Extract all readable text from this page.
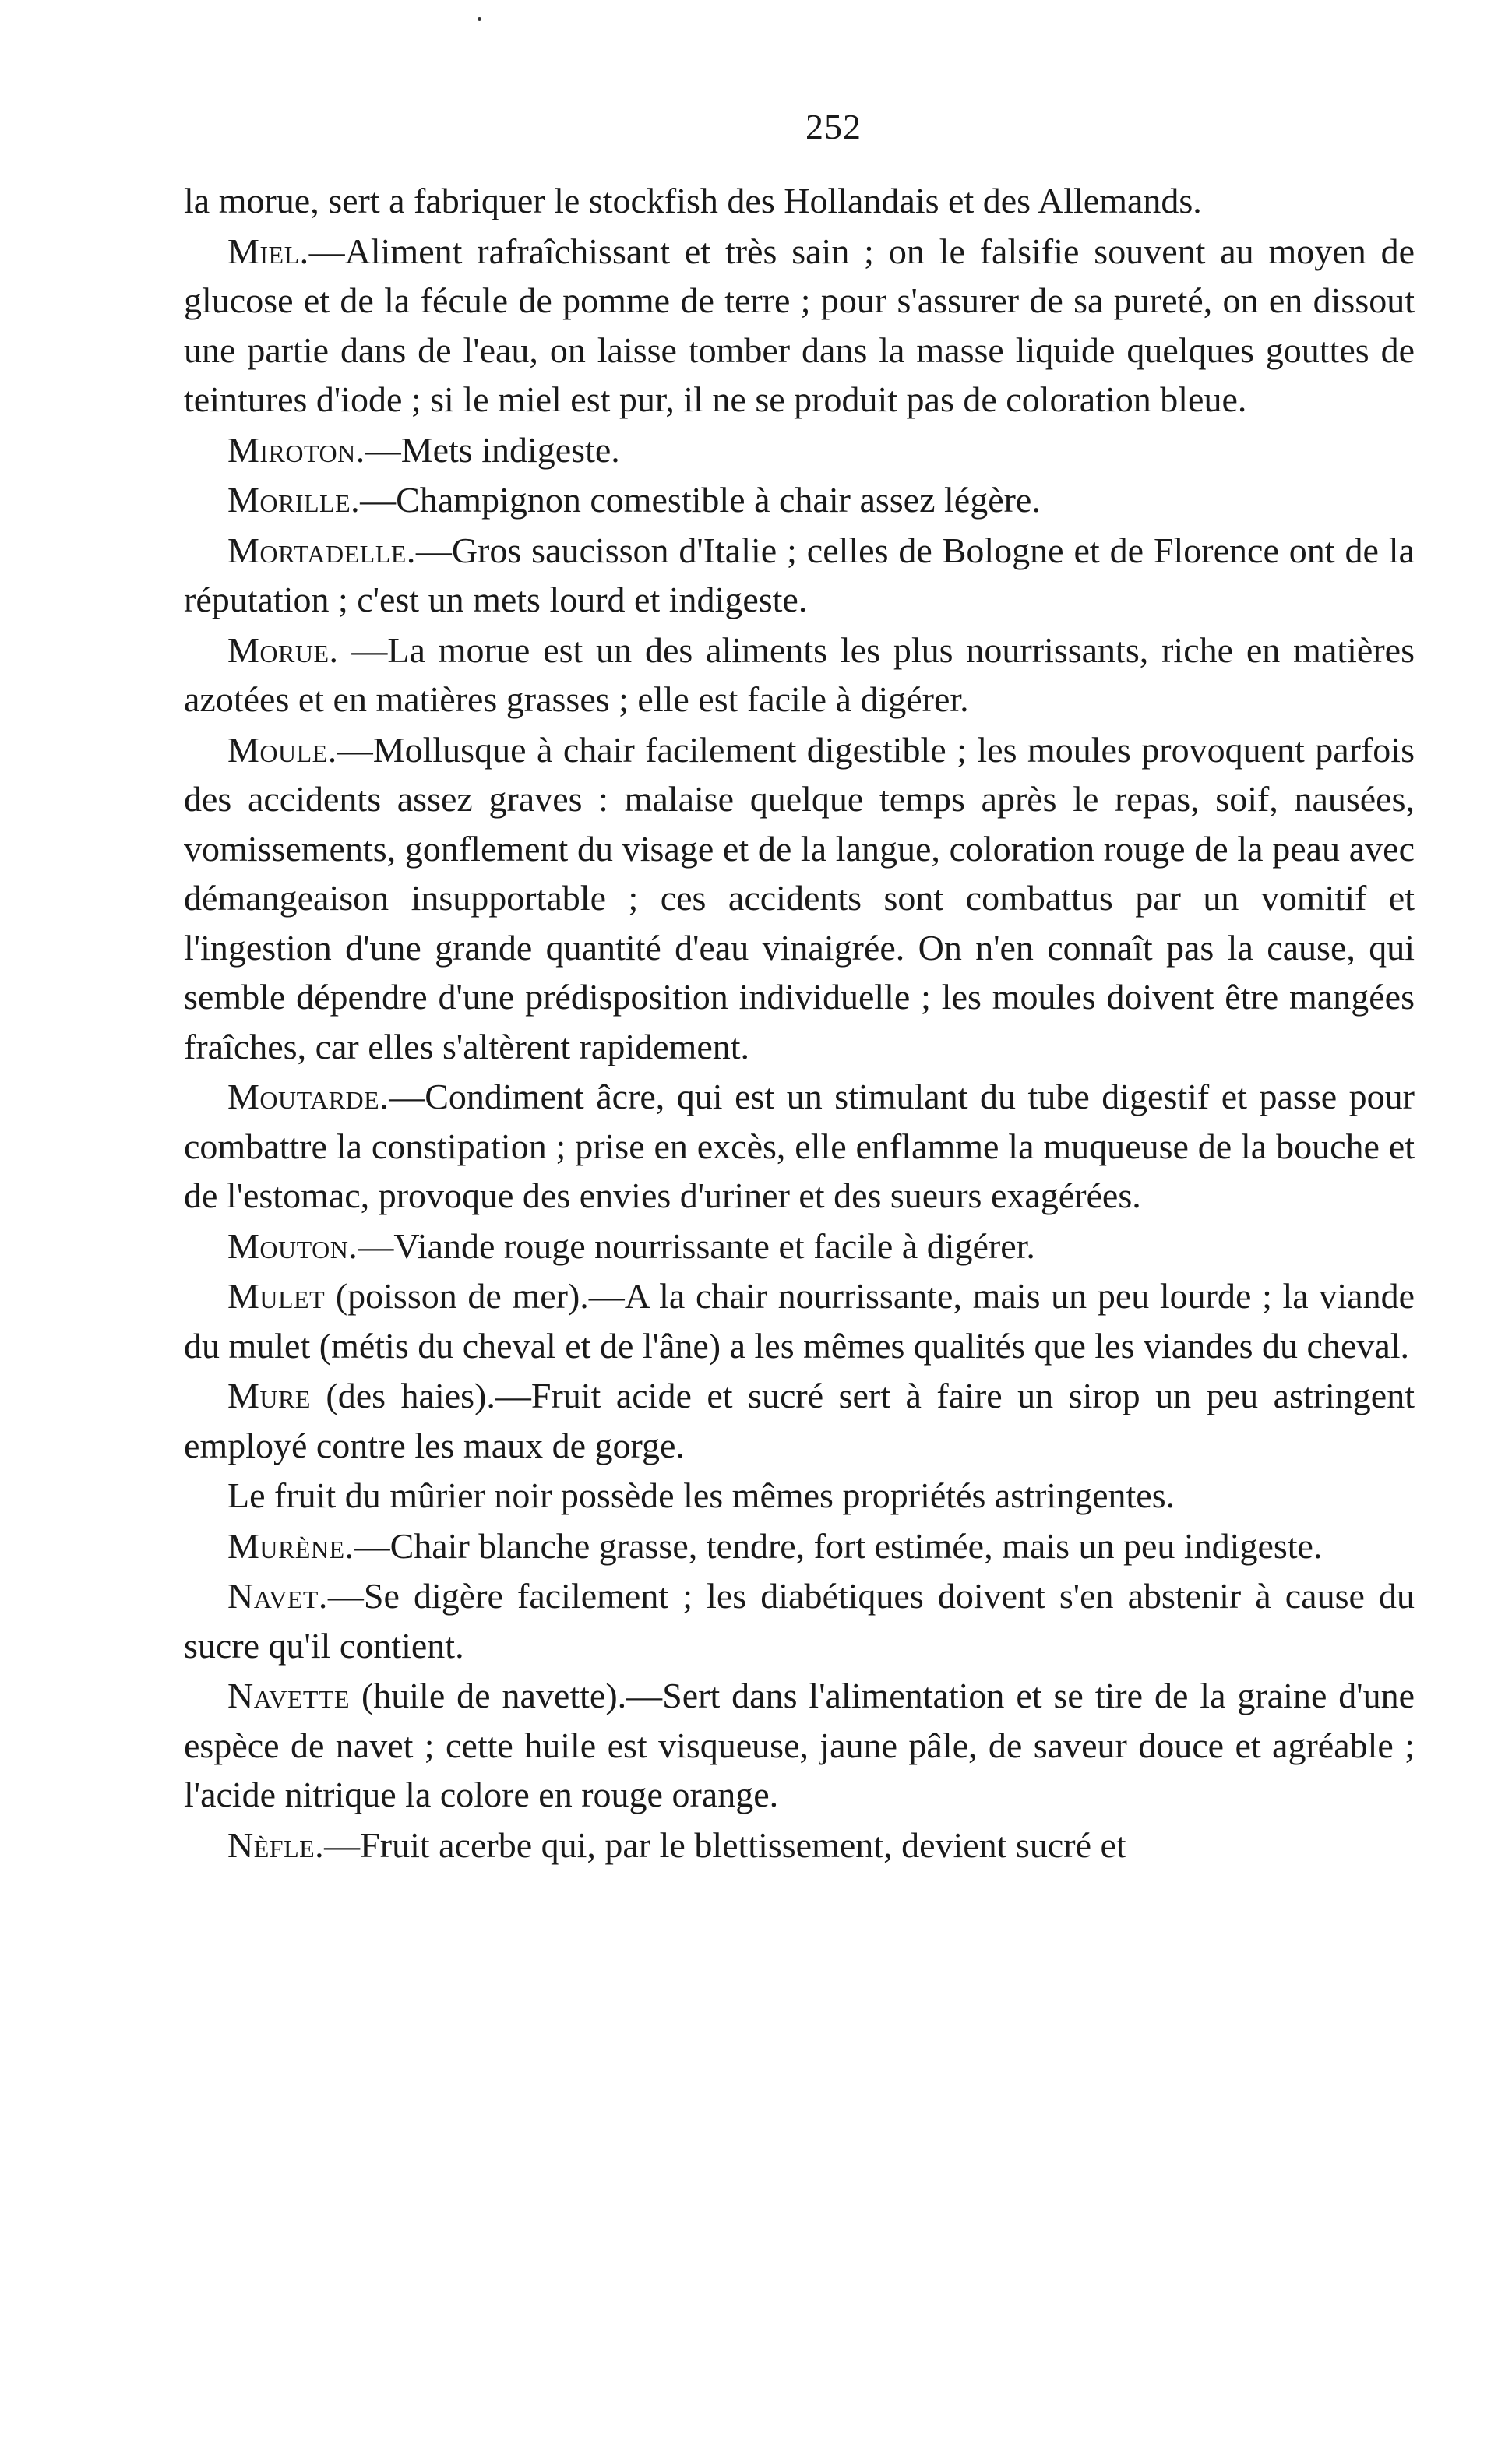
252

la morue, sert a fabriquer le stockfish des Hollandais et des Allemands.

Miel.—Aliment rafraîchissant et très sain ; on le falsifie souvent au moyen de glucose et de la fécule de pomme de terre ; pour s'assurer de sa pureté, on en dissout une partie dans de l'eau, on laisse tomber dans la masse liquide quelques gouttes de teintures d'iode ; si le miel est pur, il ne se produit pas de coloration bleue.

Miroton.—Mets indigeste.

Morille.—Champignon comestible à chair assez légère.

Mortadelle.—Gros saucisson d'Italie ; celles de Bologne et de Florence ont de la réputation ; c'est un mets lourd et indigeste.

Morue. —La morue est un des aliments les plus nourrissants, riche en matières azotées et en matières grasses ; elle est facile à digérer.

Moule.—Mollusque à chair facilement digestible ; les moules provoquent parfois des accidents assez graves : malaise quelque temps après le repas, soif, nausées, vomissements, gonflement du visage et de la langue, coloration rouge de la peau avec démangeaison insupportable ; ces accidents sont combattus par un vomitif et l'ingestion d'une grande quantité d'eau vinaigrée. On n'en connaît pas la cause, qui semble dépendre d'une prédisposition individuelle ; les moules doivent être mangées fraîches, car elles s'altèrent rapidement.

Moutarde.—Condiment âcre, qui est un stimulant du tube digestif et passe pour combattre la constipation ; prise en excès, elle enflamme la muqueuse de la bouche et de l'estomac, provoque des envies d'uriner et des sueurs exagérées.

Mouton.—Viande rouge nourrissante et facile à digérer.

Mulet (poisson de mer).—A la chair nourrissante, mais un peu lourde ; la viande du mulet (métis du cheval et de l'âne) a les mêmes qualités que les viandes du cheval.

Mure (des haies).—Fruit acide et sucré sert à faire un sirop un peu astringent employé contre les maux de gorge.

Le fruit du mûrier noir possède les mêmes propriétés astringentes.

Murène.—Chair blanche grasse, tendre, fort estimée, mais un peu indigeste.

Navet.—Se digère facilement ; les diabétiques doivent s'en abstenir à cause du sucre qu'il contient.

Navette (huile de navette).—Sert dans l'alimentation et se tire de la graine d'une espèce de navet ; cette huile est visqueuse, jaune pâle, de saveur douce et agréable ; l'acide nitrique la colore en rouge orange.

Nèfle.—Fruit acerbe qui, par le blettissement, devient sucré et
